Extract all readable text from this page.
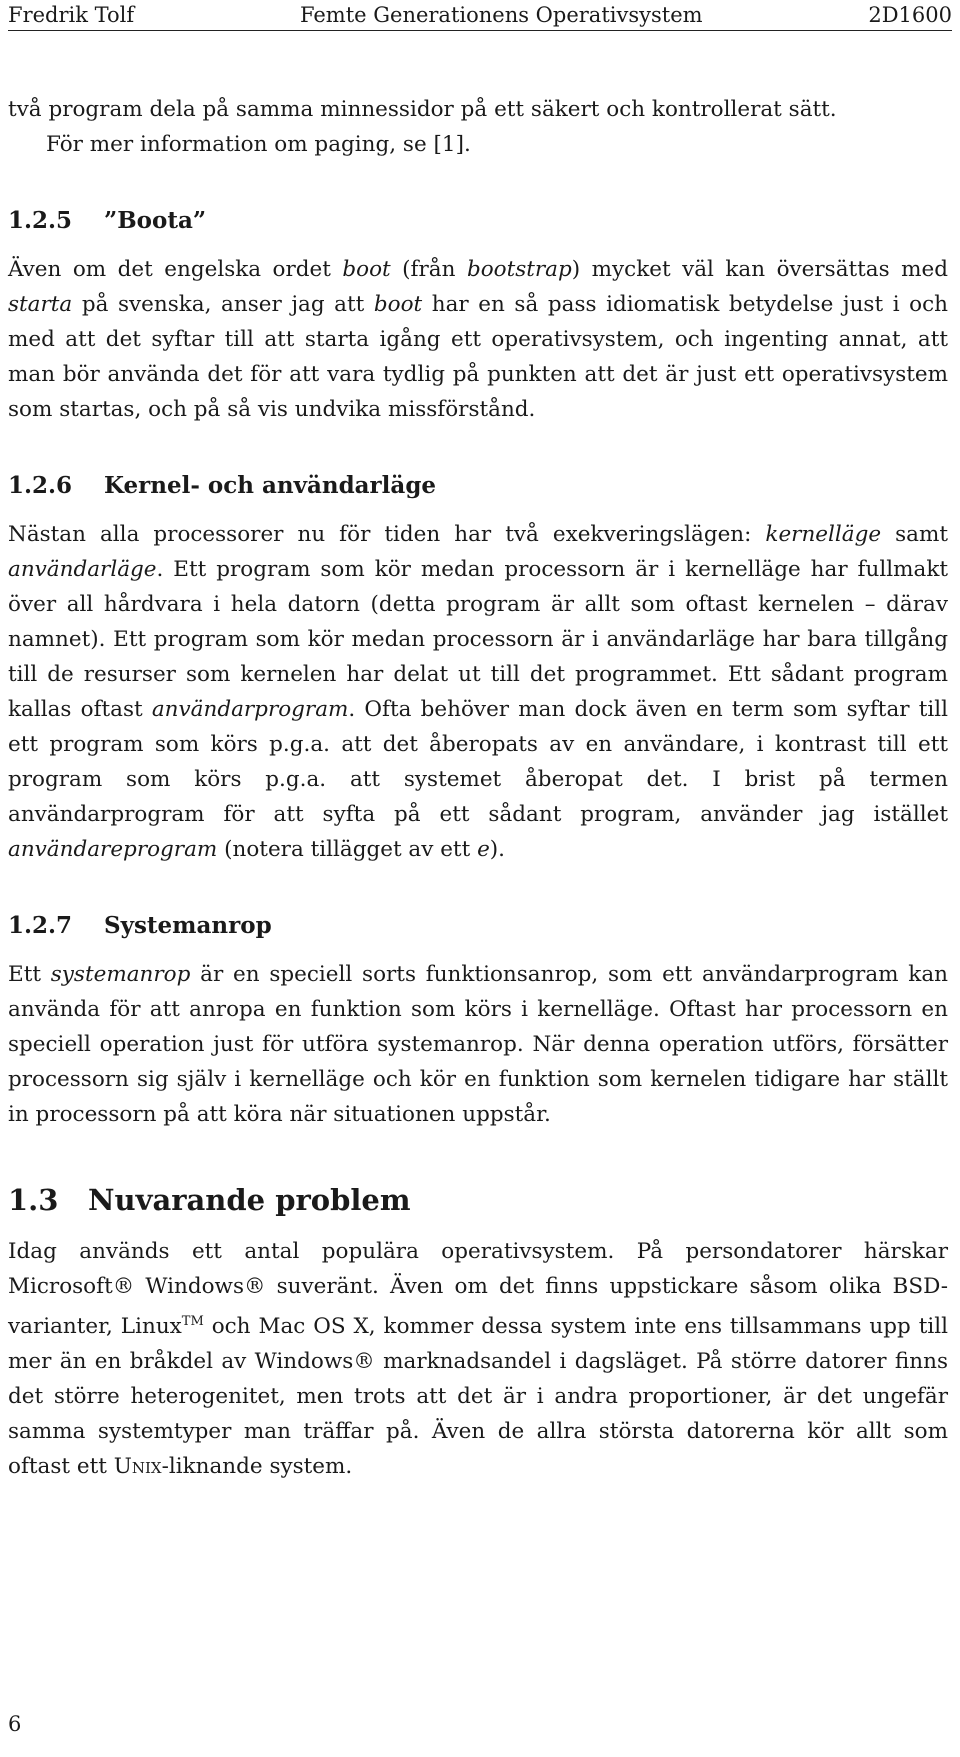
Fredrik Tolf	Femte Generationens Operativsystem	2D1600

två program dela på samma minnessidor på ett säkert och kontrollerat sätt.
För mer information om paging, se [1].

1.2.5	”Boota”

Även om det engelska ordet boot (från bootstrap) mycket väl kan översättas med starta på svenska, anser jag att boot har en så pass idiomatisk betydelse just i och med att det syftar till att starta igång ett operativsystem, och ingenting annat, att man bör använda det för att vara tydlig på punkten att det är just ett operativsystem som startas, och på så vis undvika missförstånd.

1.2.6	Kernel- och användarläge

Nästan alla processorer nu för tiden har två exekveringslägen: kernelläge samt användarläge. Ett program som kör medan processorn är i kernelläge har fullmakt över all hårdvara i hela datorn (detta program är allt som oftast kernelen – därav namnet). Ett program som kör medan processorn är i användarläge har bara tillgång till de resurser som kernelen har delat ut till det programmet. Ett sådant program kallas oftast användarprogram. Ofta behöver man dock även en term som syftar till ett program som körs p.g.a. att det åberopats av en användare, i kontrast till ett program som körs p.g.a. att systemet åberopat det. I brist på termen användarprogram för att syfta på ett sådant program, använder jag istället användareprogram (notera tillägget av ett e).

1.2.7	Systemanrop

Ett systemanrop är en speciell sorts funktionsanrop, som ett användarprogram kan använda för att anropa en funktion som körs i kernelläge. Oftast har processorn en speciell operation just för utföra systemanrop. När denna operation utförs, försätter processorn sig själv i kernelläge och kör en funktion som kernelen tidigare har ställt in processorn på att köra när situationen uppstår.

1.3	Nuvarande problem

Idag används ett antal populära operativsystem. På persondatorer härskar Microsoft® Windows® suveränt. Även om det finns uppstickare såsom olika BSD-varianter, Linux™ och Mac OS X, kommer dessa system inte ens tillsammans upp till mer än en bråkdel av Windows® marknadsandel i dagsläget. På större datorer finns det större heterogenitet, men trots att det är i andra proportioner, är det ungefär samma systemtyper man träffar på. Även de allra största datorerna kör allt som oftast ett Unix-liknande system.

6
